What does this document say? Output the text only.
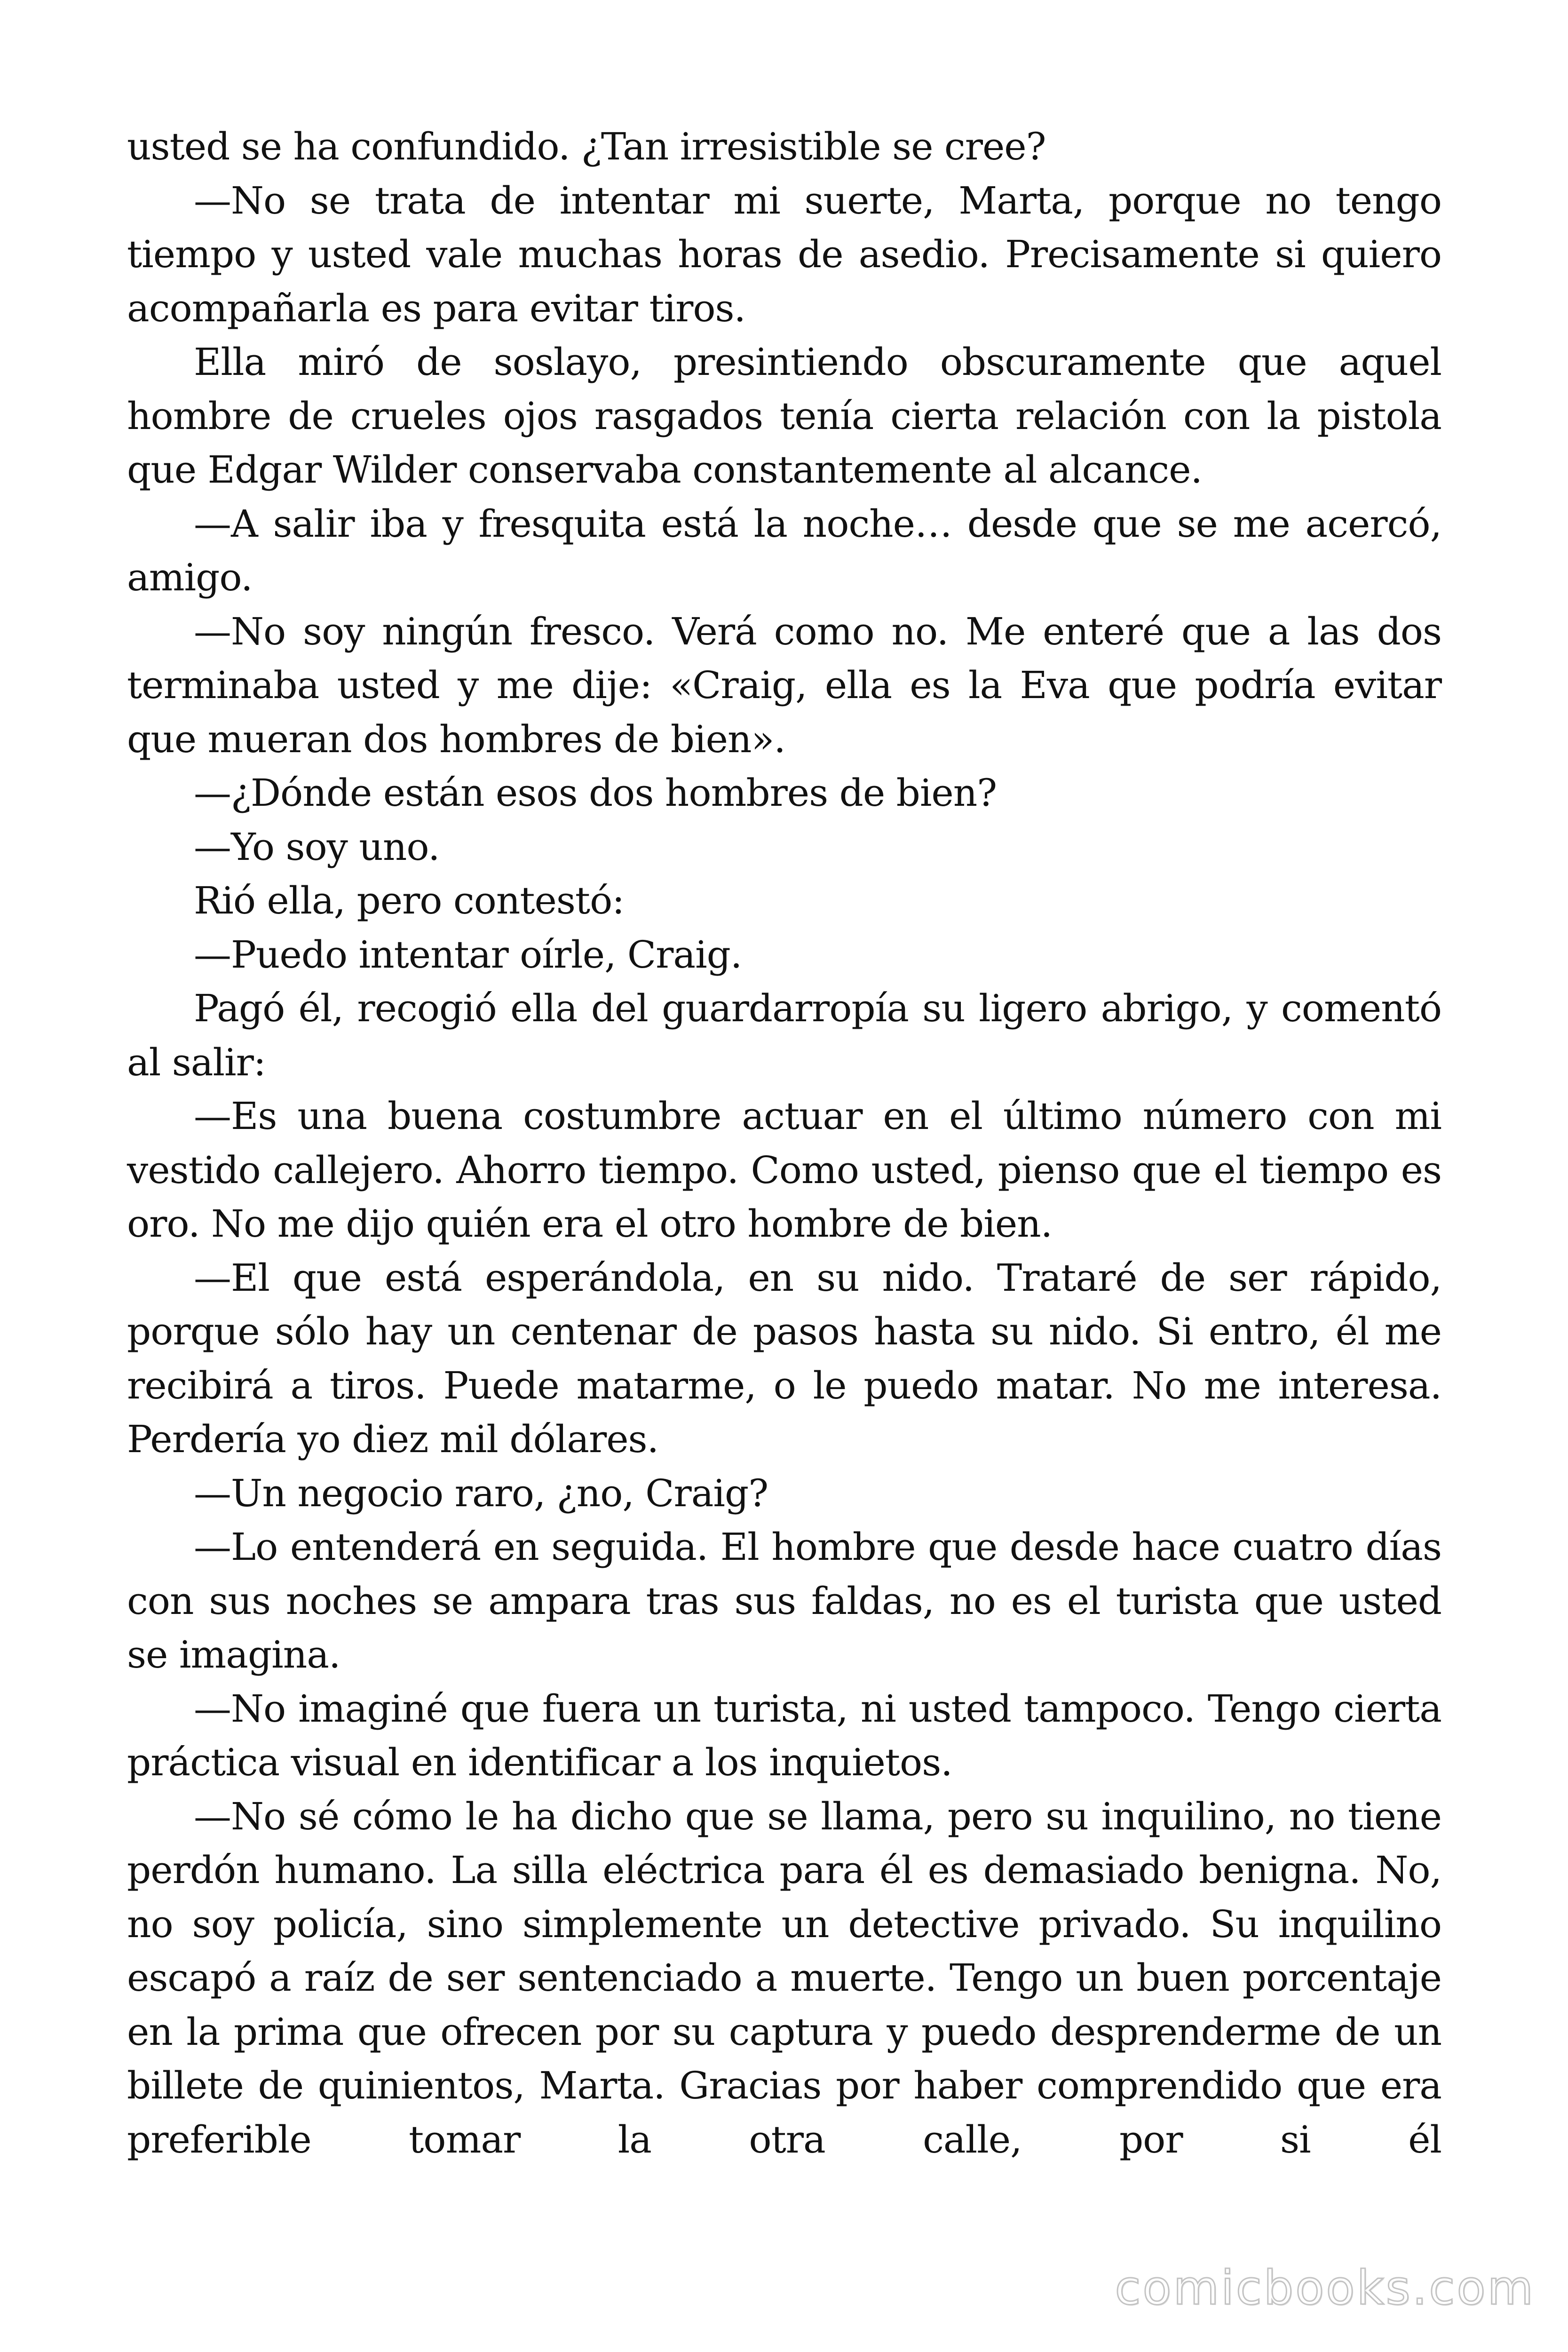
usted se ha confundido. ¿Tan irresistible se cree?

—No se trata de intentar mi suerte, Marta, porque no tengo tiempo y usted vale muchas horas de asedio. Precisamente si quiero acompañarla es para evitar tiros.

Ella miró de soslayo, presintiendo obscuramente que aquel hombre de crueles ojos rasgados tenía cierta relación con la pistola que Edgar Wilder conservaba constantemente al alcance.

—A salir iba y fresquita está la noche… desde que se me acercó, amigo.

—No soy ningún fresco. Verá como no. Me enteré que a las dos terminaba usted y me dije: «Craig, ella es la Eva que podría evitar que mueran dos hombres de bien».

—¿Dónde están esos dos hombres de bien?

—Yo soy uno.

Rió ella, pero contestó:

—Puedo intentar oírle, Craig.

Pagó él, recogió ella del guardarropía su ligero abrigo, y comentó al salir:

—Es una buena costumbre actuar en el último número con mi vestido callejero. Ahorro tiempo. Como usted, pienso que el tiempo es oro. No me dijo quién era el otro hombre de bien.

—El que está esperándola, en su nido. Trataré de ser rápido, porque sólo hay un centenar de pasos hasta su nido. Si entro, él me recibirá a tiros. Puede matarme, o le puedo matar. No me interesa. Perdería yo diez mil dólares.

—Un negocio raro, ¿no, Craig?

—Lo entenderá en seguida. El hombre que desde hace cuatro días con sus noches se ampara tras sus faldas, no es el turista que usted se imagina.

—No imaginé que fuera un turista, ni usted tampoco. Tengo cierta práctica visual en identificar a los inquietos.

—No sé cómo le ha dicho que se llama, pero su inquilino, no tiene perdón humano. La silla eléctrica para él es demasiado benigna. No, no soy policía, sino simplemente un detective privado. Su inquilino escapó a raíz de ser sentenciado a muerte. Tengo un buen porcentaje en la prima que ofrecen por su captura y puedo desprenderme de un billete de quinientos, Marta. Gracias por haber comprendido que era preferible tomar la otra calle, por si él

comicbooks.com
